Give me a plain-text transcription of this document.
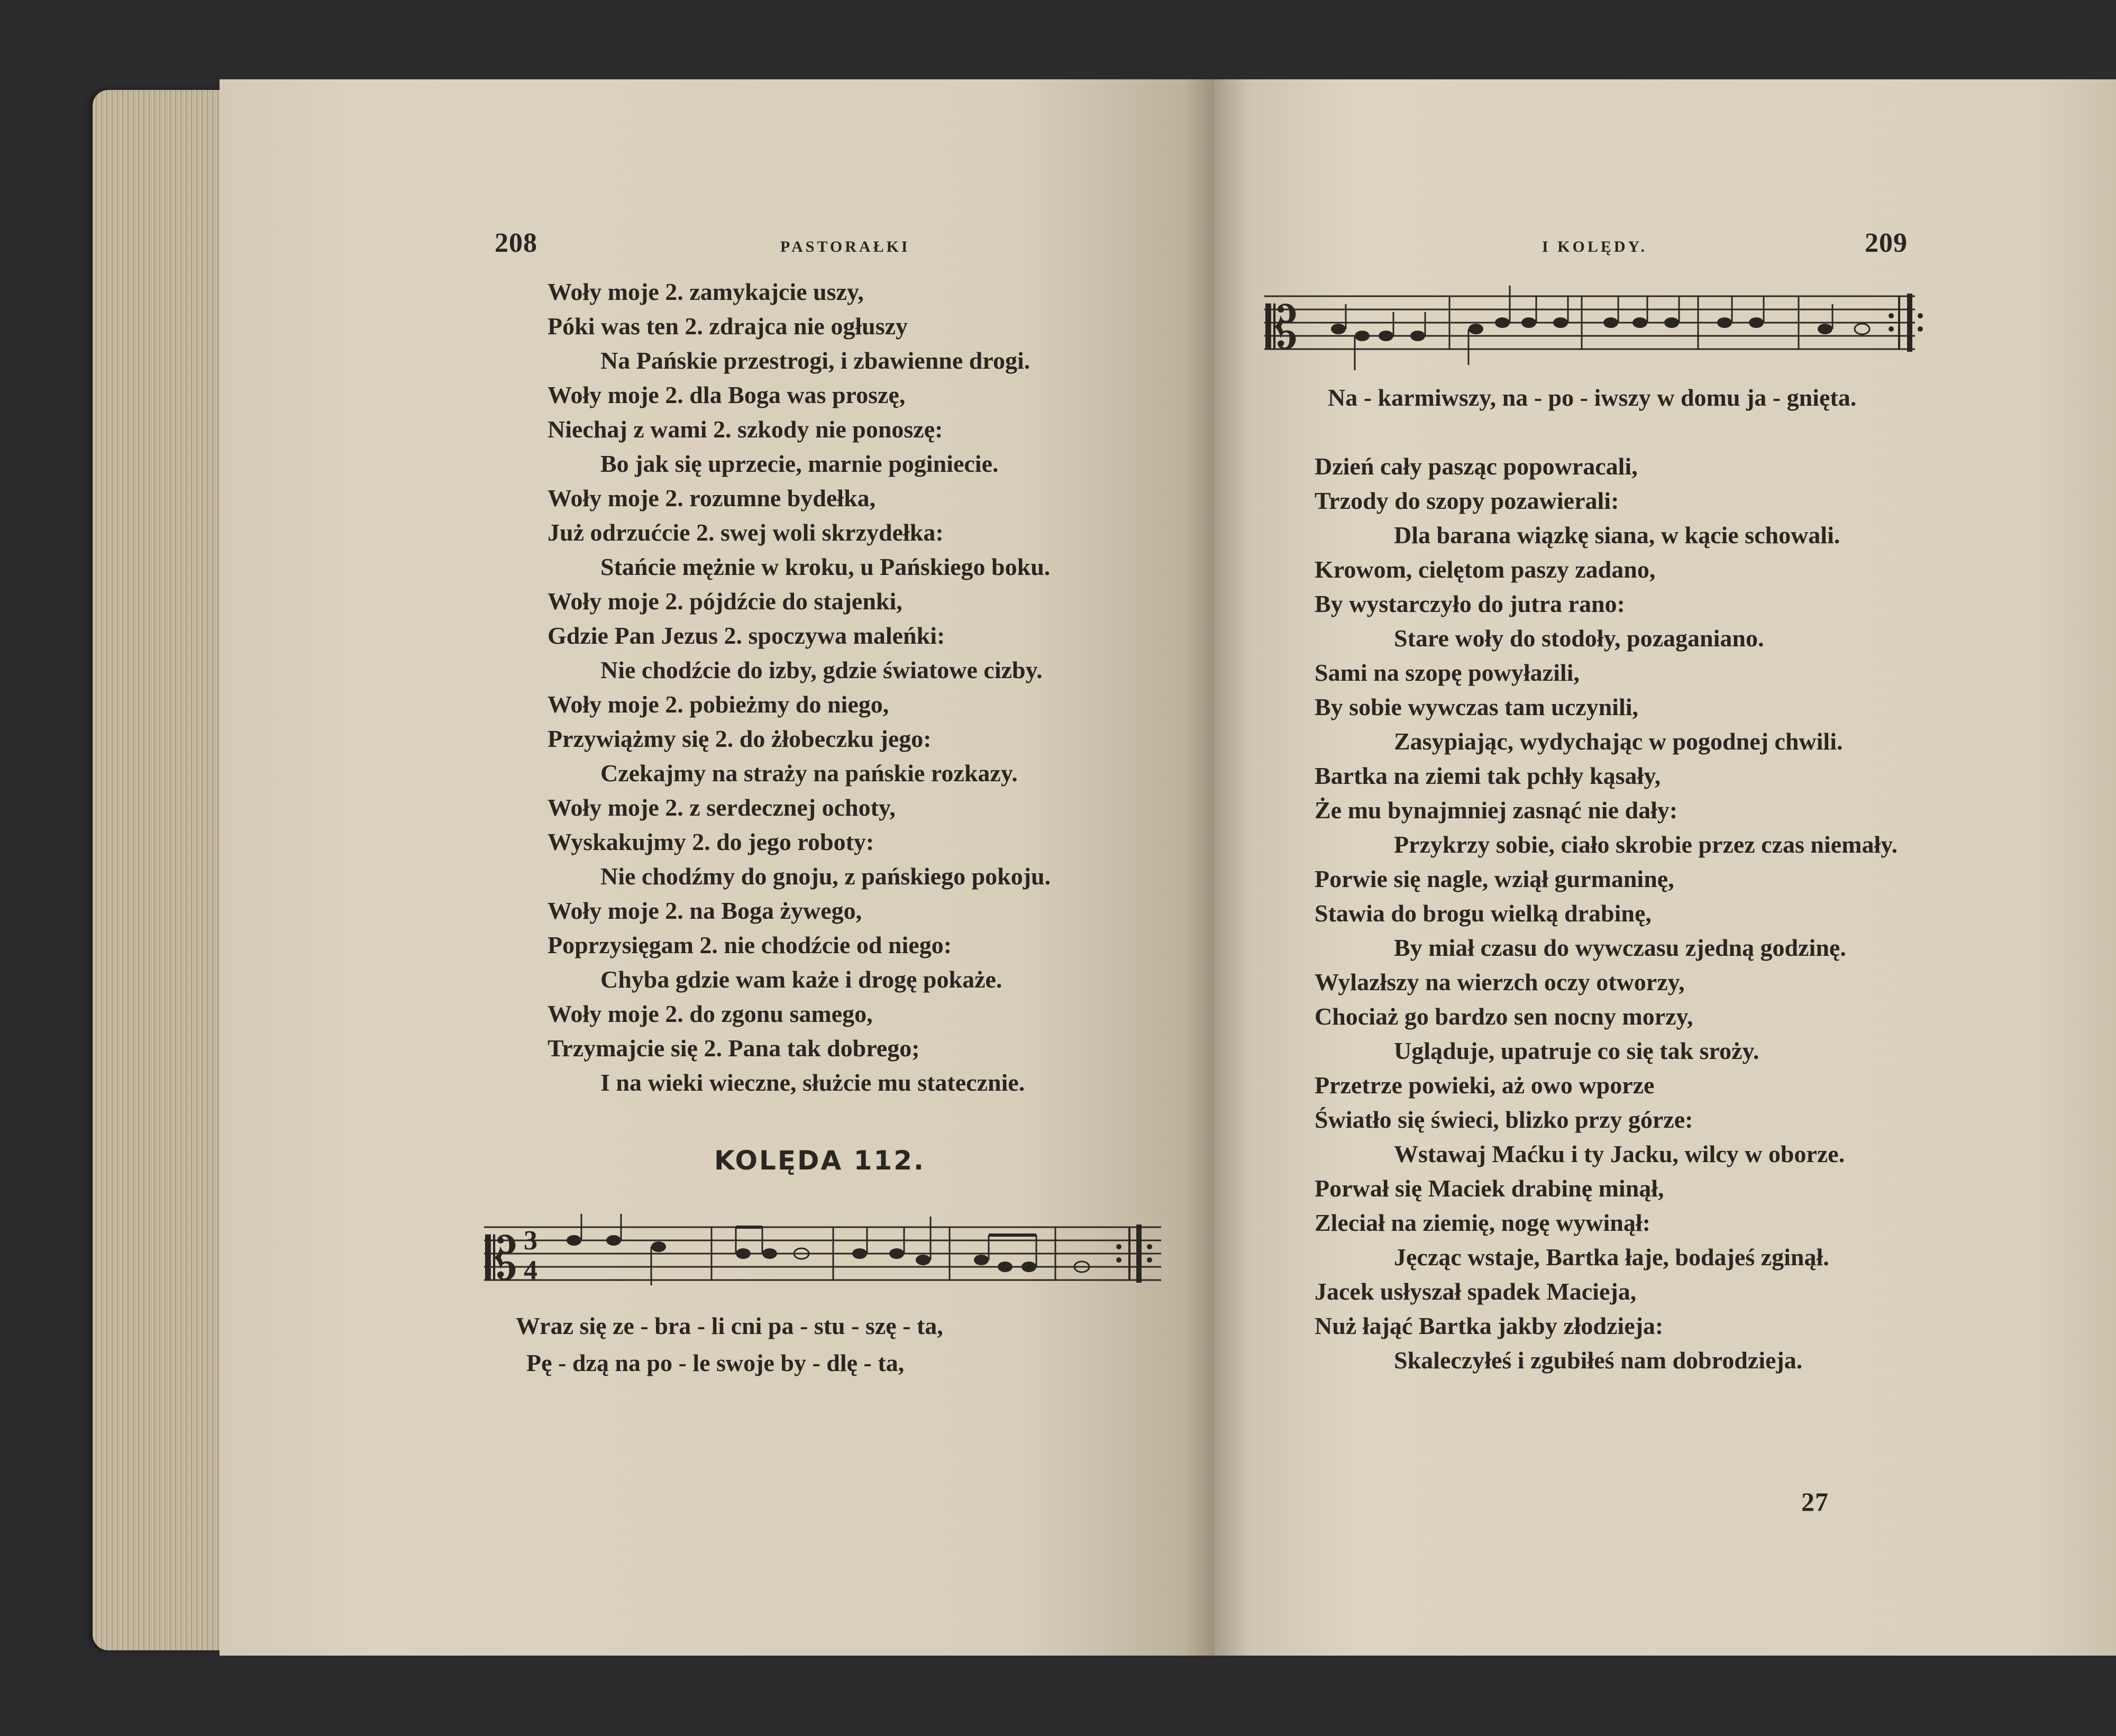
208	PASTORAŁKI
Woły moje 2. zamykajcie uszy,
Póki was ten 2. zdrajca nie ogłuszy
Na Pańskie przestrogi, i zbawienne drogi.
Woły moje 2. dla Boga was proszę,
Niechaj z wami 2. szkody nie ponoszę:
Bo jak się uprzecie, marnie poginiecie.
Woły moje 2. rozumne bydełka,
Już odrzućcie 2. swej woli skrzydełka:
Stańcie mężnie w kroku, u Pańskiego boku.
Woły moje 2. pójdźcie do stajenki,
Gdzie Pan Jezus 2. spoczywa maleńki:
Nie chodźcie do izby, gdzie światowe cizby.
Woły moje 2. pobieżmy do niego,
Przywiążmy się 2. do żłobeczku jego:
Czekajmy na straży na pańskie rozkazy.
Woły moje 2. z serdecznej ochoty,
Wyskakujmy 2. do jego roboty:
Nie chodźmy do gnoju, z pańskiego pokoju.
Woły moje 2. na Boga żywego,
Poprzysięgam 2. nie chodźcie od niego:
Chyba gdzie wam każe i drogę pokaże.
Woły moje 2. do zgonu samego,
Trzymajcie się 2. Pana tak dobrego;
I na wieki wieczne, służcie mu statecznie.
KOLĘDA 112.
𝄡 3
4
Wraz się ze - bra - li cni pa - stu - szę - ta,
Pę - dzą na po - le swoje by - dlę - ta,
I KOLĘDY.	209
𝄡
Na - karmiwszy, na - po - iwszy w domu ja - gnięta.
Dzień cały pasząc popowracali,
Trzody do szopy pozawierali:
Dla barana wiązkę siana, w kącie schowali.
Krowom, cielętom paszy zadano,
By wystarczyło do jutra rano:
Stare woły do stodoły, pozaganiano.
Sami na szopę powyłazili,
By sobie wywczas tam uczynili,
Zasypiając, wydychając w pogodnej chwili.
Bartka na ziemi tak pchły kąsały,
Że mu bynajmniej zasnąć nie dały:
Przykrzy sobie, ciało skrobie przez czas niemały.
Porwie się nagle, wziął gurmaninę,
Stawia do brogu wielką drabinę,
By miał czasu do wywczasu zjedną godzinę.
Wylazłszy na wierzch oczy otworzy,
Chociaż go bardzo sen nocny morzy,
Ugląduje, upatruje co się tak sroży.
Przetrze powieki, aż owo wporze
Światło się świeci, blizko przy górze:
Wstawaj Maćku i ty Jacku, wilcy w oborze.
Porwał się Maciek drabinę minął,
Zleciał na ziemię, nogę wywinął:
Jęcząc wstaje, Bartka łaje, bodajeś zginął.
Jacek usłyszał spadek Macieja,
Nuż łająć Bartka jakby złodzieja:
Skaleczyłeś i zgubiłeś nam dobrodzieja.
27
